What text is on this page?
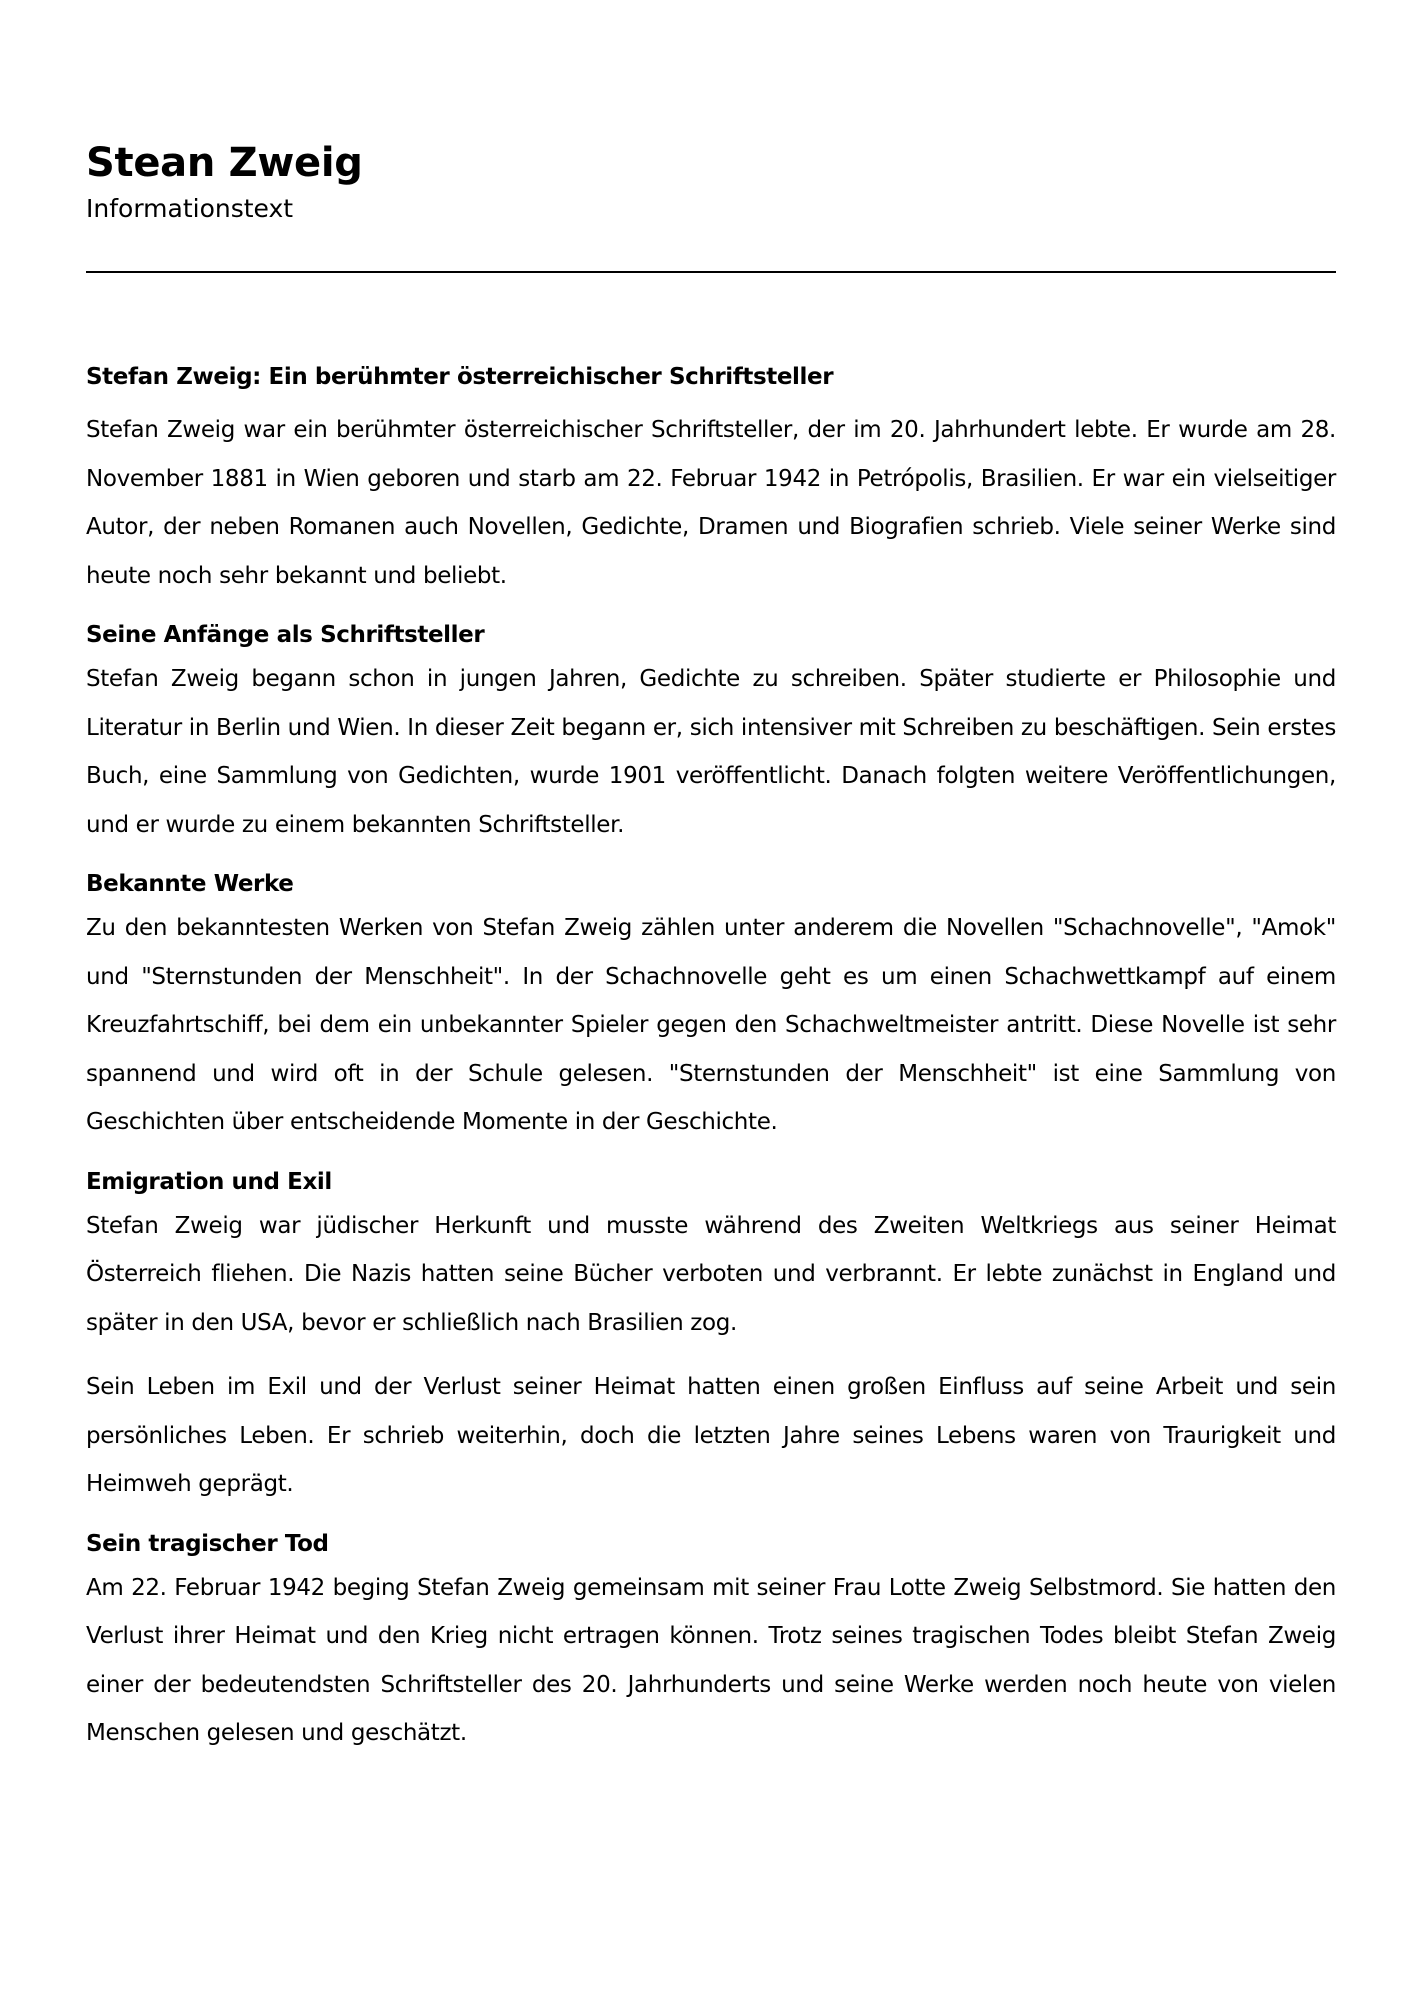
Stean Zweig

Informationstext

Stefan Zweig: Ein berühmter österreichischer Schriftsteller

Stefan Zweig war ein berühmter österreichischer Schriftsteller, der im 20. Jahrhundert lebte. Er wurde am 28. November 1881 in Wien geboren und starb am 22. Februar 1942 in Petrópolis, Brasilien. Er war ein vielseitiger Autor, der neben Romanen auch Novellen, Gedichte, Dramen und Biografien schrieb. Viele seiner Werke sind heute noch sehr bekannt und beliebt.

Seine Anfänge als Schriftsteller

Stefan Zweig begann schon in jungen Jahren, Gedichte zu schreiben. Später studierte er Philosophie und Literatur in Berlin und Wien. In dieser Zeit begann er, sich intensiver mit Schreiben zu beschäftigen. Sein erstes Buch, eine Sammlung von Gedichten, wurde 1901 veröffentlicht. Danach folgten weitere Veröffentlichungen, und er wurde zu einem bekannten Schriftsteller.

Bekannte Werke

Zu den bekanntesten Werken von Stefan Zweig zählen unter anderem die Novellen "Schachnovelle", "Amok" und "Sternstunden der Menschheit". In der Schachnovelle geht es um einen Schachwettkampf auf einem Kreuzfahrtschiff, bei dem ein unbekannter Spieler gegen den Schachweltmeister antritt. Diese Novelle ist sehr spannend und wird oft in der Schule gelesen. "Sternstunden der Menschheit" ist eine Sammlung von Geschichten über entscheidende Momente in der Geschichte.

Emigration und Exil

Stefan Zweig war jüdischer Herkunft und musste während des Zweiten Weltkriegs aus seiner Heimat Österreich fliehen. Die Nazis hatten seine Bücher verboten und verbrannt. Er lebte zunächst in England und später in den USA, bevor er schließlich nach Brasilien zog.

Sein Leben im Exil und der Verlust seiner Heimat hatten einen großen Einfluss auf seine Arbeit und sein persönliches Leben. Er schrieb weiterhin, doch die letzten Jahre seines Lebens waren von Traurigkeit und Heimweh geprägt.

Sein tragischer Tod

Am 22. Februar 1942 beging Stefan Zweig gemeinsam mit seiner Frau Lotte Zweig Selbstmord. Sie hatten den Verlust ihrer Heimat und den Krieg nicht ertragen können. Trotz seines tragischen Todes bleibt Stefan Zweig einer der bedeutendsten Schriftsteller des 20. Jahrhunderts und seine Werke werden noch heute von vielen Menschen gelesen und geschätzt.
